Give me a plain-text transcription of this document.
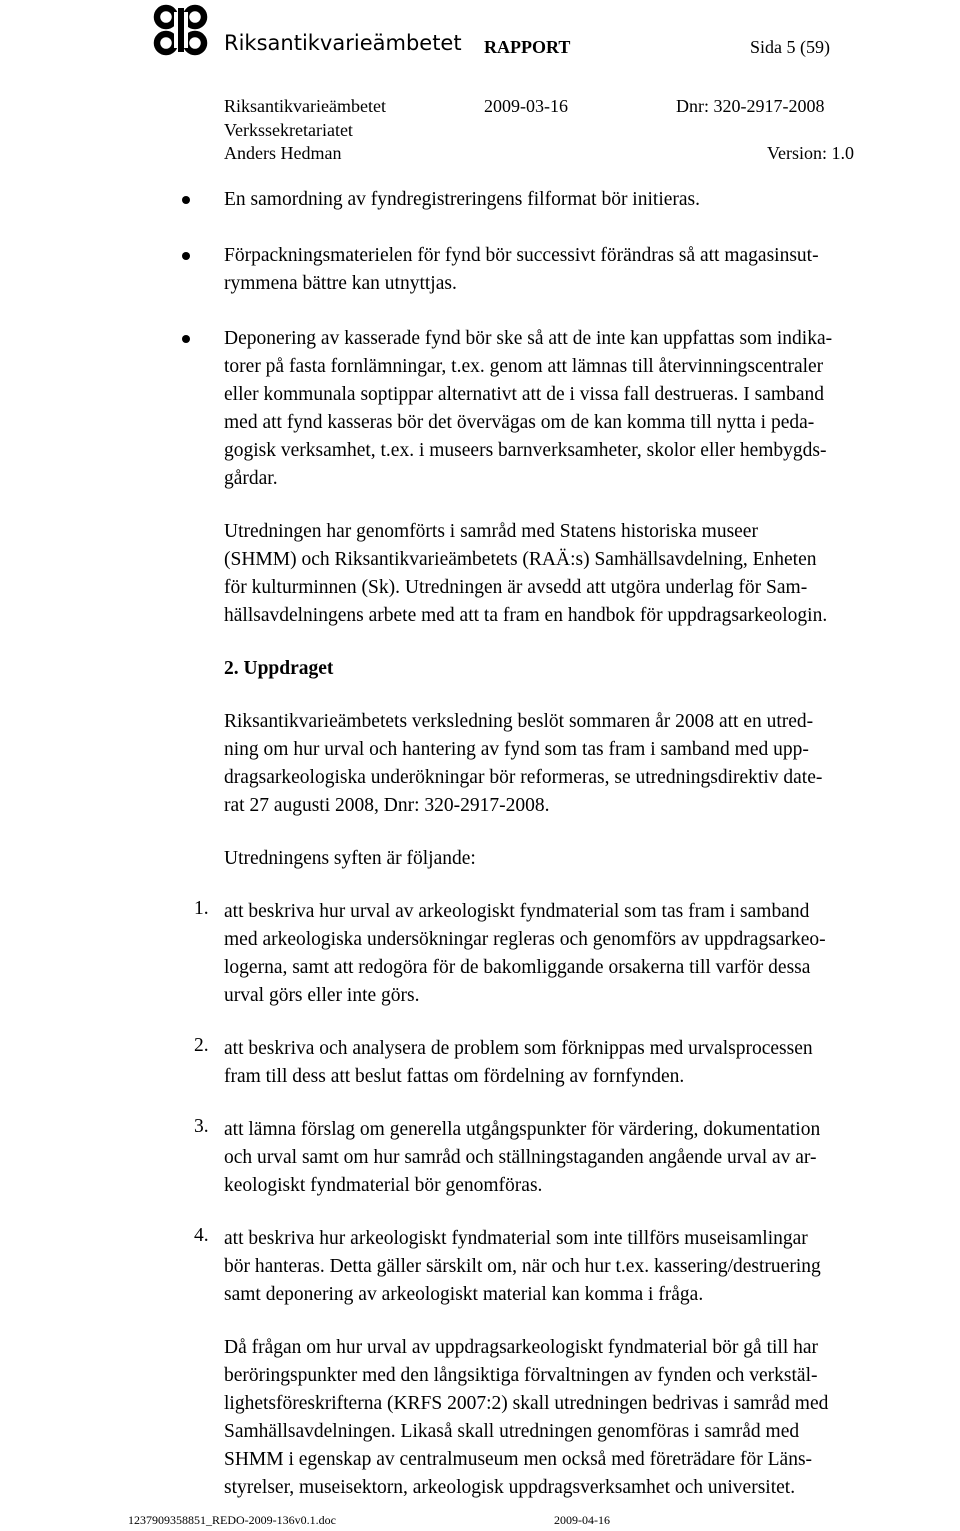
Riksantikvarieämbetet RAPPORT	Sida 5 (59)
Riksantikvarieämbetet	2009-03-16	Dnr: 320-2917-2008
Verkssekretariatet
Anders Hedman	Version: 1.0
En samordning av fyndregistreringens filformat bör initieras.
Förpackningsmaterielen för fynd bör successivt förändras så att magasinsut-
rymmena bättre kan utnyttjas.
Deponering av kasserade fynd bör ske så att de inte kan uppfattas som indika-
torer på fasta fornlämningar, t.ex. genom att lämnas till återvinningscentraler
eller kommunala soptippar alternativt att de i vissa fall destrueras. I samband
med att fynd kasseras bör det övervägas om de kan komma till nytta i peda-
gogisk verksamhet, t.ex. i museers barnverksamheter, skolor eller hembygds-
gårdar.
Utredningen har genomförts i samråd med Statens historiska museer
(SHMM) och Riksantikvarieämbetets (RAÄ:s) Samhällsavdelning, Enheten
för kulturminnen (Sk). Utredningen är avsedd att utgöra underlag för Sam-
hällsavdelningens arbete med att ta fram en handbok för uppdragsarkeologin.
2. Uppdraget
Riksantikvarieämbetets verksledning beslöt sommaren år 2008 att en utred-
ning om hur urval och hantering av fynd som tas fram i samband med upp-
dragsarkeologiska underökningar bör reformeras, se utredningsdirektiv date-
rat 27 augusti 2008, Dnr: 320-2917-2008.
Utredningens syften är följande:
1. att beskriva hur urval av arkeologiskt fyndmaterial som tas fram i samband
med arkeologiska undersökningar regleras och genomförs av uppdragsarkeo-
logerna, samt att redogöra för de bakomliggande orsakerna till varför dessa
urval görs eller inte görs.
2. att beskriva och analysera de problem som förknippas med urvalsprocessen
fram till dess att beslut fattas om fördelning av fornfynden.
3. att lämna förslag om generella utgångspunkter för värdering, dokumentation
och urval samt om hur samråd och ställningstaganden angående urval av ar-
keologiskt fyndmaterial bör genomföras.
4. att beskriva hur arkeologiskt fyndmaterial som inte tillförs museisamlingar
bör hanteras. Detta gäller särskilt om, när och hur t.ex. kassering/destruering
samt deponering av arkeologiskt material kan komma i fråga.
Då frågan om hur urval av uppdragsarkeologiskt fyndmaterial bör gå till har
beröringspunkter med den långsiktiga förvaltningen av fynden och verkstäl-
lighetsföreskrifterna (KRFS 2007:2) skall utredningen bedrivas i samråd med
Samhällsavdelningen. Likaså skall utredningen genomföras i samråd med
SHMM i egenskap av centralmuseum men också med företrädare för Läns-
styrelser, museisektorn, arkeologisk uppdragsverksamhet och universitet.
1237909358851_REDO-2009-136v0.1.doc	2009-04-16
